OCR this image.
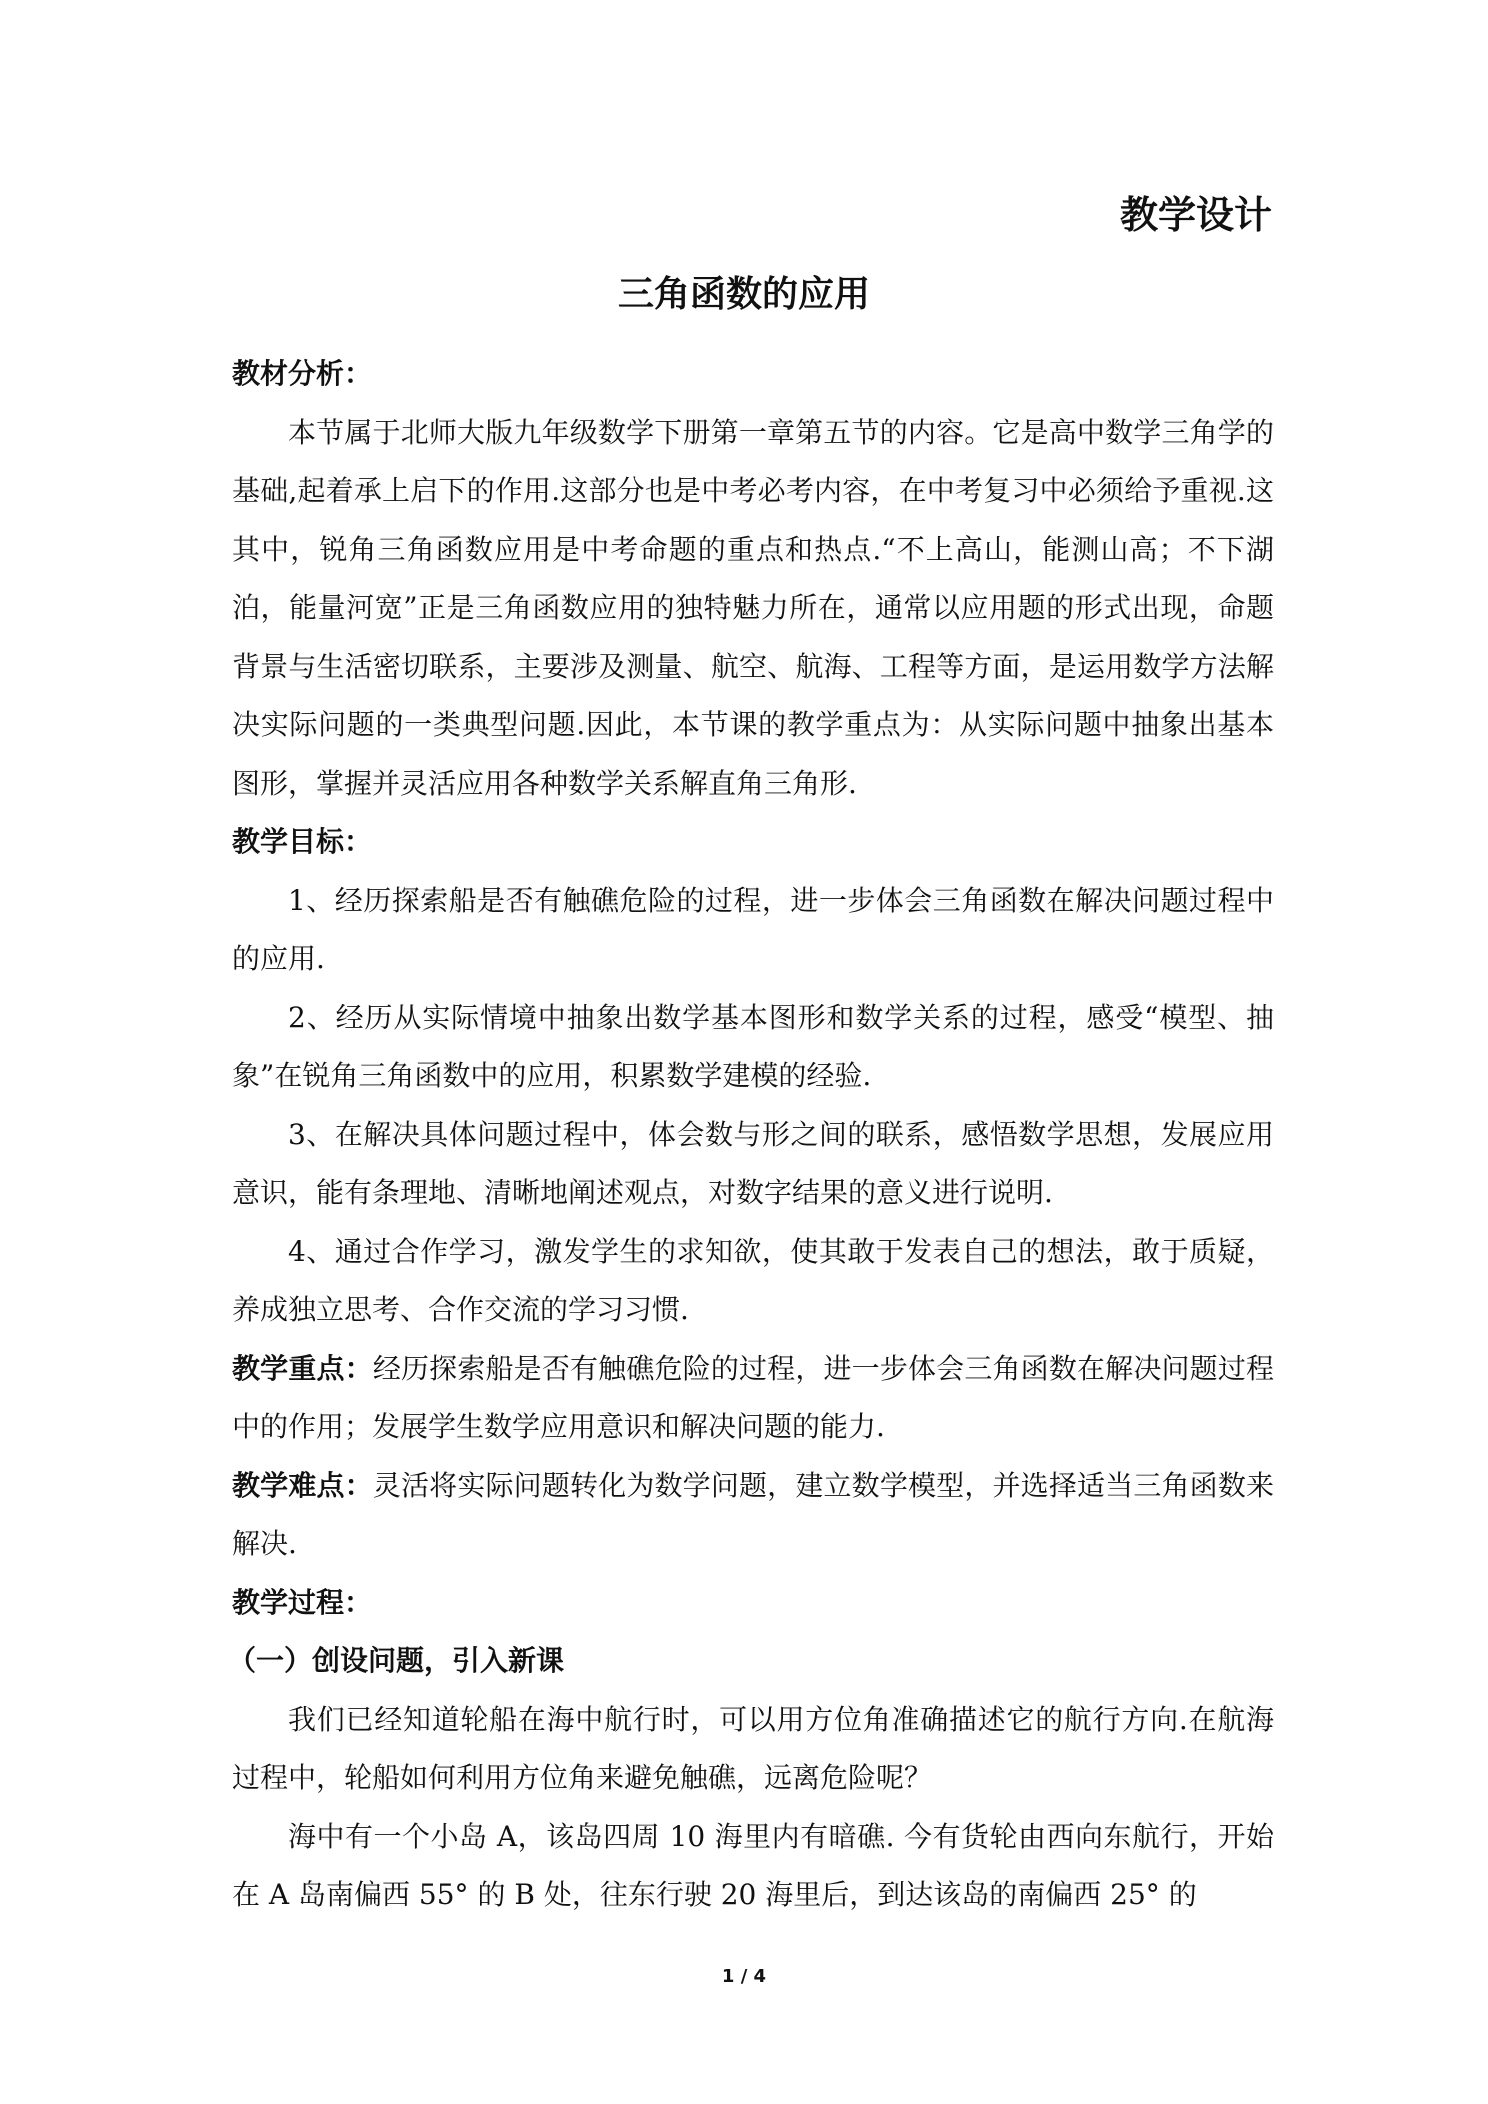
教学设计

三角函数的应用
教材分析：

本节属于北师大版九年级数学下册第一章第五节的内容。它是高中数学三角学的基础,起着承上启下的作用.这部分也是中考必考内容，在中考复习中必须给予重视.这其中，锐角三角函数应用是中考命题的重点和热点.“不上高山，能测山高；不下湖泊，能量河宽”正是三角函数应用的独特魅力所在，通常以应用题的形式出现，命题背景与生活密切联系，主要涉及测量、航空、航海、工程等方面，是运用数学方法解决实际问题的一类典型问题.因此，本节课的教学重点为：从实际问题中抽象出基本图形，掌握并灵活应用各种数学关系解直角三角形.

教学目标：

1、经历探索船是否有触礁危险的过程，进一步体会三角函数在解决问题过程中的应用.

2、经历从实际情境中抽象出数学基本图形和数学关系的过程，感受“模型、抽象”在锐角三角函数中的应用，积累数学建模的经验.

3、在解决具体问题过程中，体会数与形之间的联系，感悟数学思想，发展应用意识，能有条理地、清晰地阐述观点，对数字结果的意义进行说明.

4、通过合作学习，激发学生的求知欲，使其敢于发表自己的想法，敢于质疑，养成独立思考、合作交流的学习习惯.

教学重点：经历探索船是否有触礁危险的过程，进一步体会三角函数在解决问题过程中的作用；发展学生数学应用意识和解决问题的能力.

教学难点：灵活将实际问题转化为数学问题，建立数学模型，并选择适当三角函数来解决.

教学过程：

（一）创设问题，引入新课

我们已经知道轮船在海中航行时，可以用方位角准确描述它的航行方向.在航海过程中，轮船如何利用方位角来避免触礁，远离危险呢？

海中有一个小岛 A，该岛四周 10 海里内有暗礁. 今有货轮由西向东航行，开始在 A 岛南偏西 55° 的 B 处，往东行驶 20 海里后，到达该岛的南偏西 25° 的

1 / 4
